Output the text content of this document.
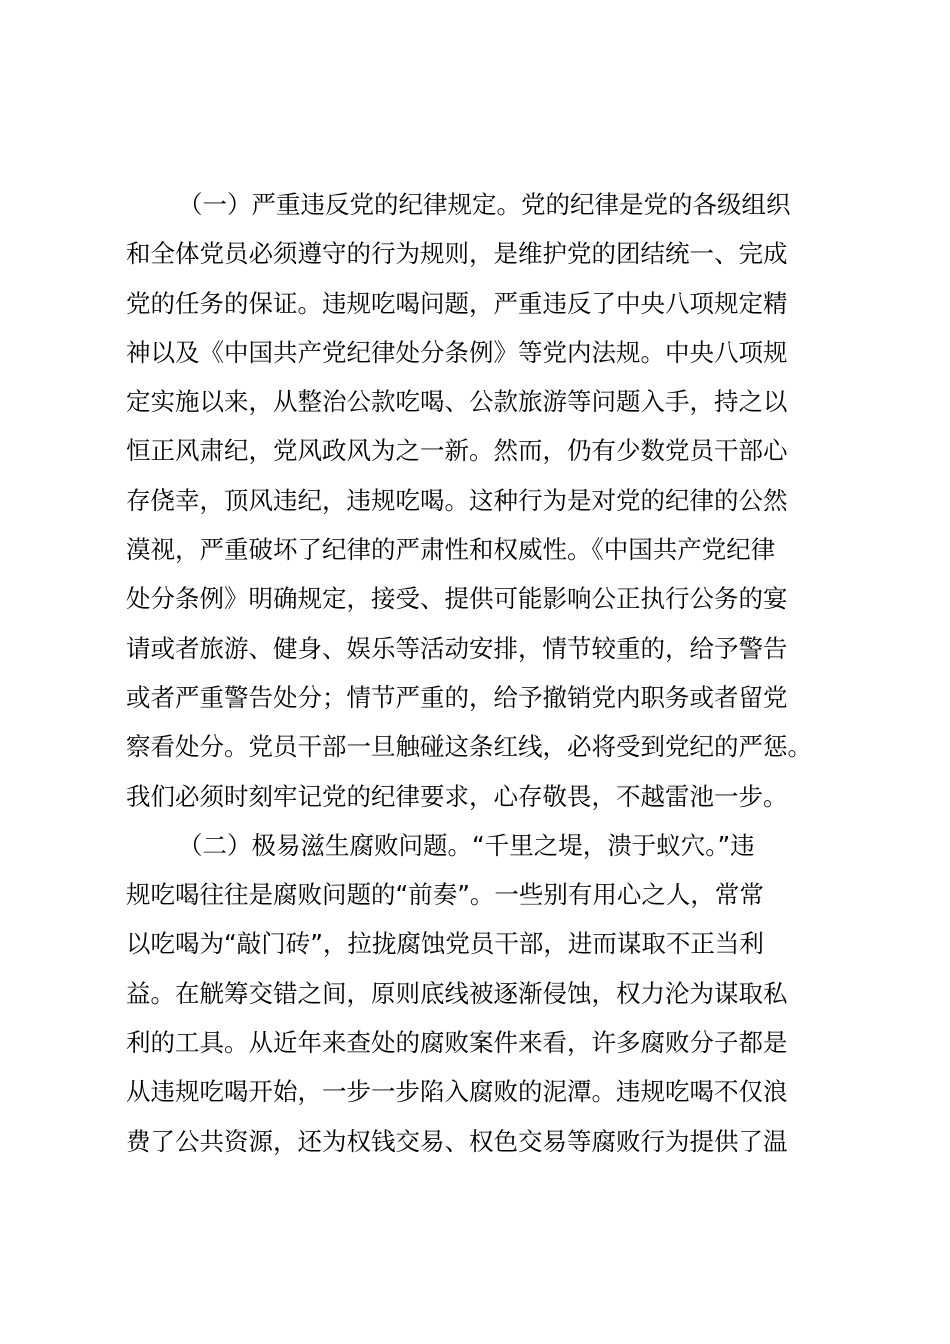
（一）严重违反党的纪律规定。党的纪律是党的各级组织
和全体党员必须遵守的行为规则，是维护党的团结统一、完成
党的任务的保证。违规吃喝问题，严重违反了中央八项规定精
神以及《中国共产党纪律处分条例》等党内法规。中央八项规
定实施以来，从整治公款吃喝、公款旅游等问题入手，持之以
恒正风肃纪，党风政风为之一新。然而，仍有少数党员干部心
存侥幸，顶风违纪，违规吃喝。这种行为是对党的纪律的公然
漠视，严重破坏了纪律的严肃性和权威性。《中国共产党纪律
处分条例》明确规定，接受、提供可能影响公正执行公务的宴
请或者旅游、健身、娱乐等活动安排，情节较重的，给予警告
或者严重警告处分；情节严重的，给予撤销党内职务或者留党
察看处分。党员干部一旦触碰这条红线，必将受到党纪的严惩。
我们必须时刻牢记党的纪律要求，心存敬畏，不越雷池一步。
（二）极易滋生腐败问题。“千里之堤，溃于蚁穴。”违
规吃喝往往是腐败问题的“前奏”。一些别有用心之人，常常
以吃喝为“敲门砖”，拉拢腐蚀党员干部，进而谋取不正当利
益。在觥筹交错之间，原则底线被逐渐侵蚀，权力沦为谋取私
利的工具。从近年来查处的腐败案件来看，许多腐败分子都是
从违规吃喝开始，一步一步陷入腐败的泥潭。违规吃喝不仅浪
费了公共资源，还为权钱交易、权色交易等腐败行为提供了温
